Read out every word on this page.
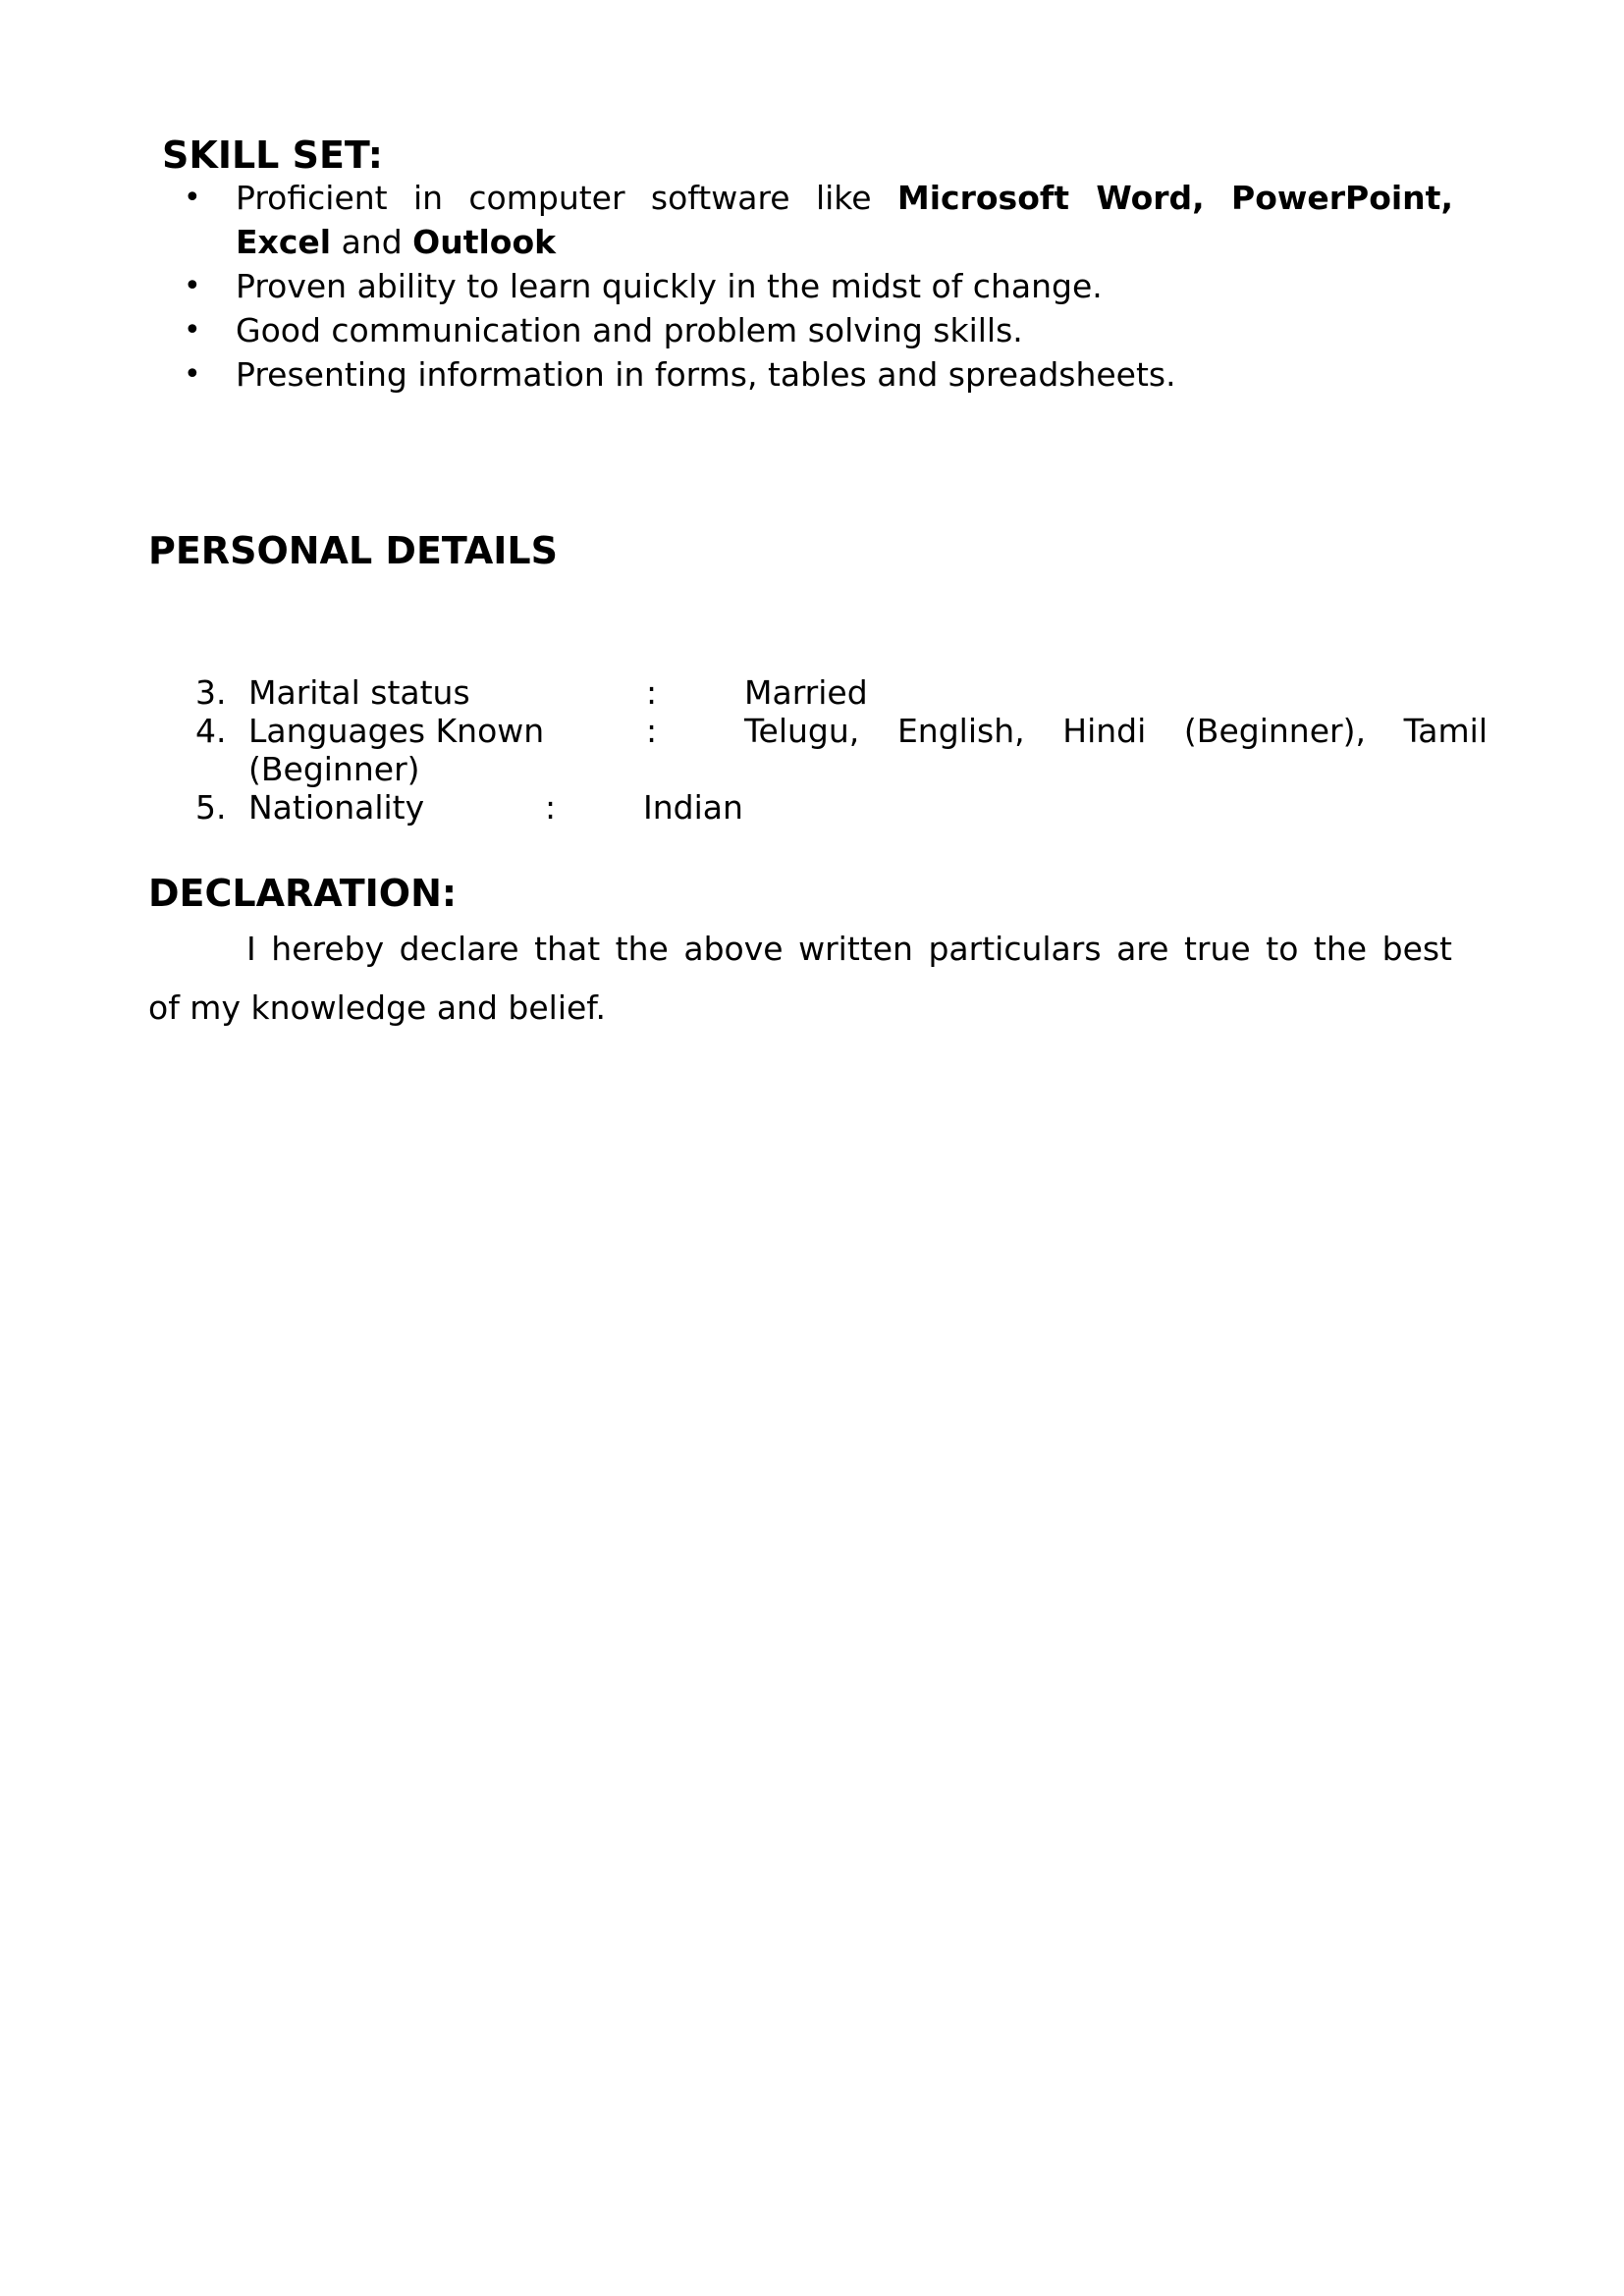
SKILL SET:
• Proficient in computer software like Microsoft Word, PowerPoint,
Excel and Outlook
• Proven ability to learn quickly in the midst of change.
• Good communication and problem solving skills.
• Presenting information in forms, tables and spreadsheets.
PERSONAL DETAILS
3. Marital status	:	Married
4. Languages Known	:	Telugu, English, Hindi (Beginner), Tamil
(Beginner)
5. Nationality	:	Indian
DECLARATION:

I hereby declare that the above written particulars are true to the best
of my knowledge and belief.
